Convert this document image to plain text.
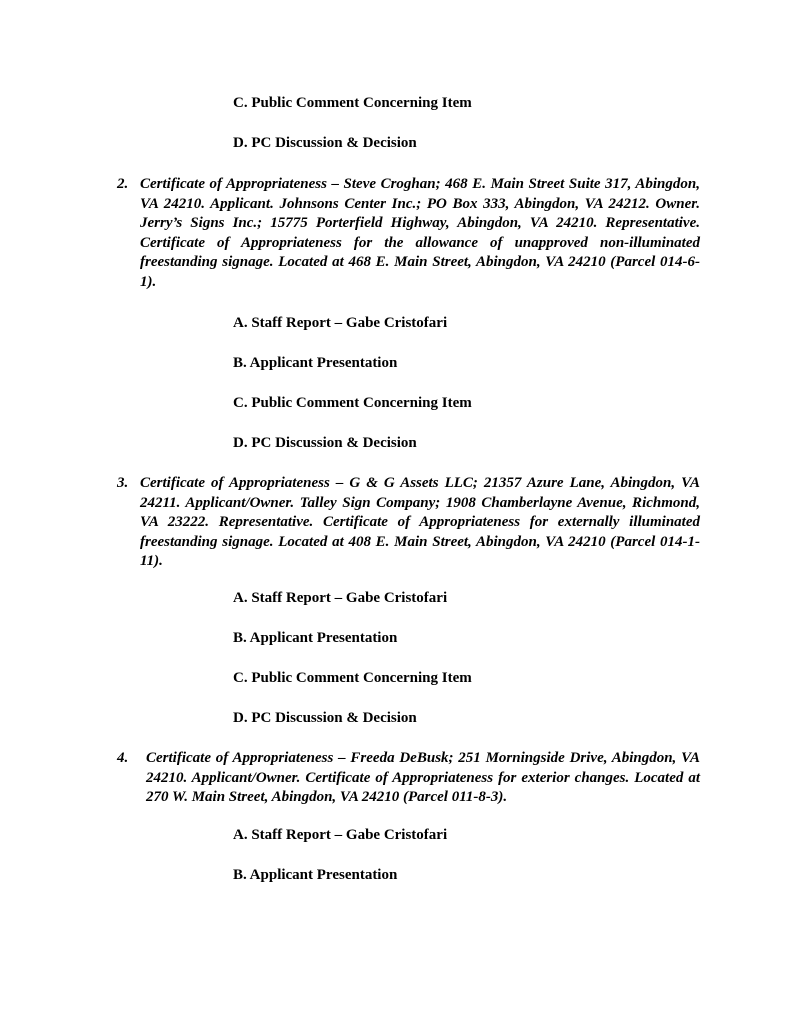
C. Public Comment Concerning Item
D. PC Discussion & Decision
2. Certificate of Appropriateness – Steve Croghan; 468 E. Main Street Suite 317, Abingdon, VA 24210. Applicant. Johnsons Center Inc.; PO Box 333, Abingdon, VA 24212. Owner. Jerry’s Signs Inc.; 15775 Porterfield Highway, Abingdon, VA 24210. Representative. Certificate of Appropriateness for the allowance of unapproved non-illuminated freestanding signage. Located at 468 E. Main Street, Abingdon, VA 24210 (Parcel 014-6-1).
A. Staff Report – Gabe Cristofari
B. Applicant Presentation
C. Public Comment Concerning Item
D. PC Discussion & Decision
3. Certificate of Appropriateness – G & G Assets LLC; 21357 Azure Lane, Abingdon, VA 24211. Applicant/Owner. Talley Sign Company; 1908 Chamberlayne Avenue, Richmond, VA 23222. Representative. Certificate of Appropriateness for externally illuminated freestanding signage. Located at 408 E. Main Street, Abingdon, VA 24210 (Parcel 014-1-11).
A. Staff Report – Gabe Cristofari
B. Applicant Presentation
C. Public Comment Concerning Item
D. PC Discussion & Decision
4. Certificate of Appropriateness – Freeda DeBusk; 251 Morningside Drive, Abingdon, VA 24210. Applicant/Owner. Certificate of Appropriateness for exterior changes. Located at 270 W. Main Street, Abingdon, VA 24210 (Parcel 011-8-3).
A. Staff Report – Gabe Cristofari
B. Applicant Presentation
